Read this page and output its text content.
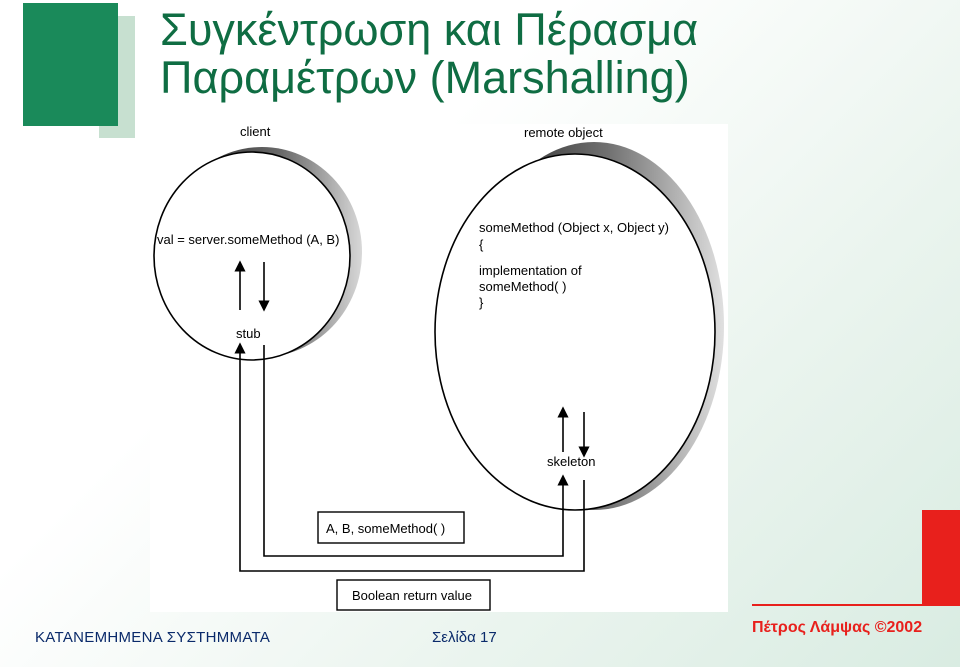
Συγκέντρωση και Πέρασμα
Παραμέτρων (Marshalling)
client	remote object
val = server.someMethod (A, B)
stub
someMethod (Object x, Object y)
{
implementation of
someMethod( )
}
skeleton
A, B, someMethod( )
Boolean return value
ΚΑΤΑΝΕΜΗΜΕΝΑ ΣΥΣΤΗΜΜΑΤΑ	Σελίδα 17
Πέτρος Λάμψας ©2002
